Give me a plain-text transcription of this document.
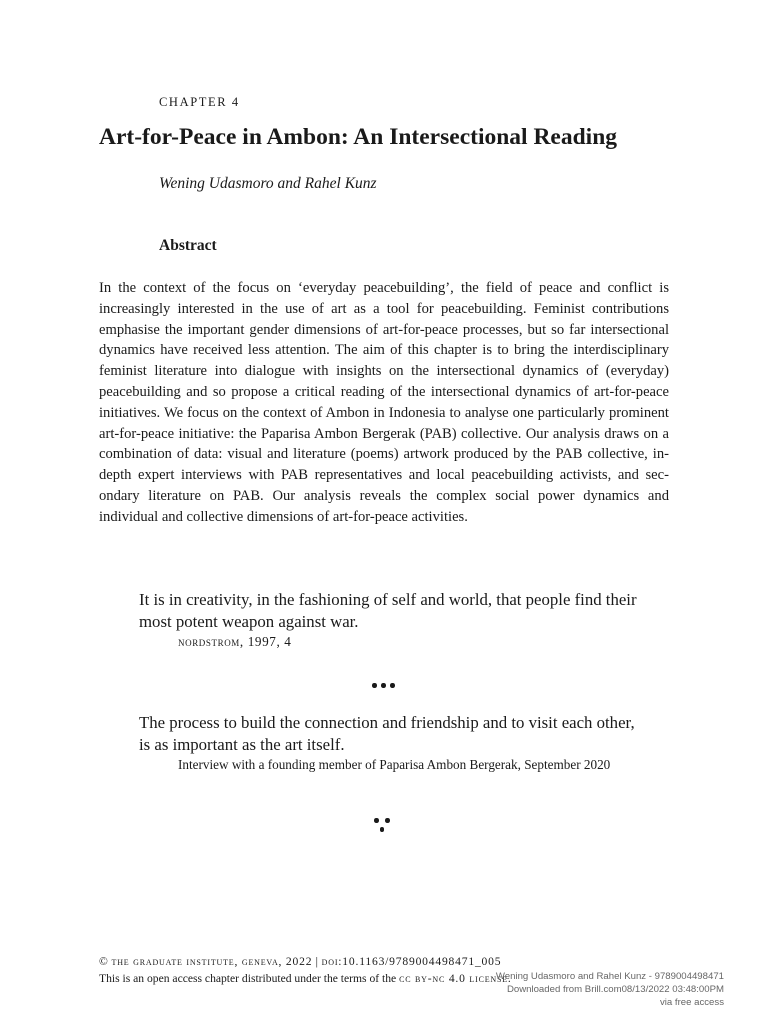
CHAPTER 4
Art-for-Peace in Ambon: An Intersectional Reading
Wening Udasmoro and Rahel Kunz
Abstract
In the context of the focus on ‘everyday peacebuilding’, the field of peace and conflict is increasingly interested in the use of art as a tool for peacebuilding. Feminist contributions emphasise the important gender dimensions of art-for-peace processes, but so far intersectional dynamics have received less attention. The aim of this chapter is to bring the interdisciplinary feminist literature into dialogue with insights on the intersectional dynamics of (everyday) peacebuilding and so propose a critical reading of the intersectional dynamics of art-for-peace initiatives. We focus on the context of Ambon in Indonesia to analyse one particularly prominent art-for-peace initiative: the Paparisa Ambon Bergerak (PAB) collective. Our analysis draws on a combination of data: visual and literature (poems) artwork produced by the PAB collective, in-depth expert interviews with PAB representatives and local peacebuilding activists, and secondary literature on PAB. Our analysis reveals the complex social power dynamics and individual and collective dimensions of art-for-peace activities.
It is in creativity, in the fashioning of self and world, that people find their most potent weapon against war.
nordstrom, 1997, 4
The process to build the connection and friendship and to visit each other, is as important as the art itself.
Interview with a founding member of Paparisa Ambon Bergerak, September 2020
© the graduate institute, geneva, 2022 | doi:10.1163/9789004498471_005
This is an open access chapter distributed under the terms of the cc by-nc 4.0 license.
Wening Udasmoro and Rahel Kunz - 9789004498471
Downloaded from Brill.com08/13/2022 03:48:00PM
via free access
